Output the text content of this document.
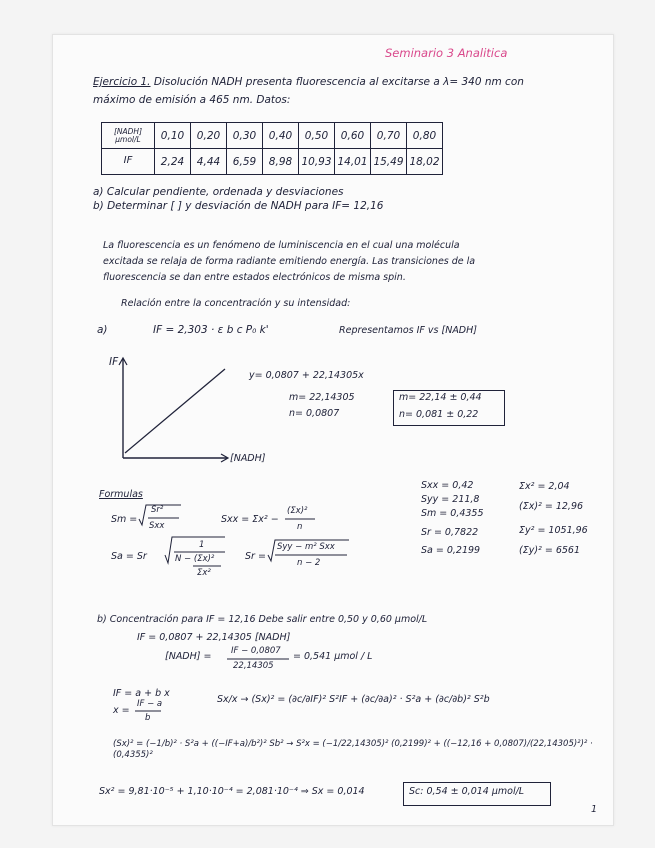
Seminario 3 Analitica
Ejercicio 1. Disolución NADH presenta fluorescencia al excitarse a λ= 340 nm con
máximo de emisión a 465 nm. Datos:
[NADH] μmol/L	0,10	0,20	0,30	0,40	0,50	0,60	0,70	0,80
IF	2,24	4,44	6,59	8,98	10,93	14,01	15,49	18,02
a) Calcular pendiente, ordenada y desviaciones
b) Determinar [ ] y desviación de NADH para IF= 12,16
La fluorescencia es un fenómeno de luminiscencia en el cual una molécula
excitada se relaja de forma radiante emitiendo energía. Las transiciones de la
fluorescencia se dan entre estados electrónicos de misma spin.
Relación entre la concentración y su intensidad:
a)	IF = 2,303 · ε b c P₀ k'	Representamos IF vs [NADH]
IF
[NADH]
y= 0,0807 + 22,14305x
m= 22,14305
n= 0,0807
m= 22,14 ± 0,44
n= 0,081 ± 0,22
Sxx = 0,42
Syy = 211,8
Sm = 0,4355
Sr = 0,7822
Sa = 0,2199
Σx² = 2,04
(Σx)² = 12,96
Σy² = 1051,96
(Σy)² = 6561
Formulas
Sm =
Sr²
Sxx
Sxx = Σx² −
(Σx)²
n
Sa = Sr
1
N − (Σx)²
Σx²
Sr =
Syy − m² Sxx
n − 2
b) Concentración para IF = 12,16 Debe salir entre 0,50 y 0,60 μmol/L
IF = 0,0807 + 22,14305 [NADH]
[NADH] = IF − 0,0807
22,14305
= 0,541 μmol / L
IF = a + b x
x =
IF − a
b
Sx/x → (Sx)² = (∂c/∂IF)² S²IF + (∂c/∂a)² · S²a + (∂c/∂b)² S²b
(Sx)² = (−1/b)² · S²a + ((−IF+a)/b²)² Sb² → S²x = (−1/22,14305)² (0,2199)² + ((−12,16 + 0,0807)/(22,14305)²)² · (0,4355)²
Sx² = 9,81·10⁻⁵ + 1,10·10⁻⁴ = 2,081·10⁻⁴ ⇒ Sx = 0,014	Sc: 0,54 ± 0,014 μmol/L
1
